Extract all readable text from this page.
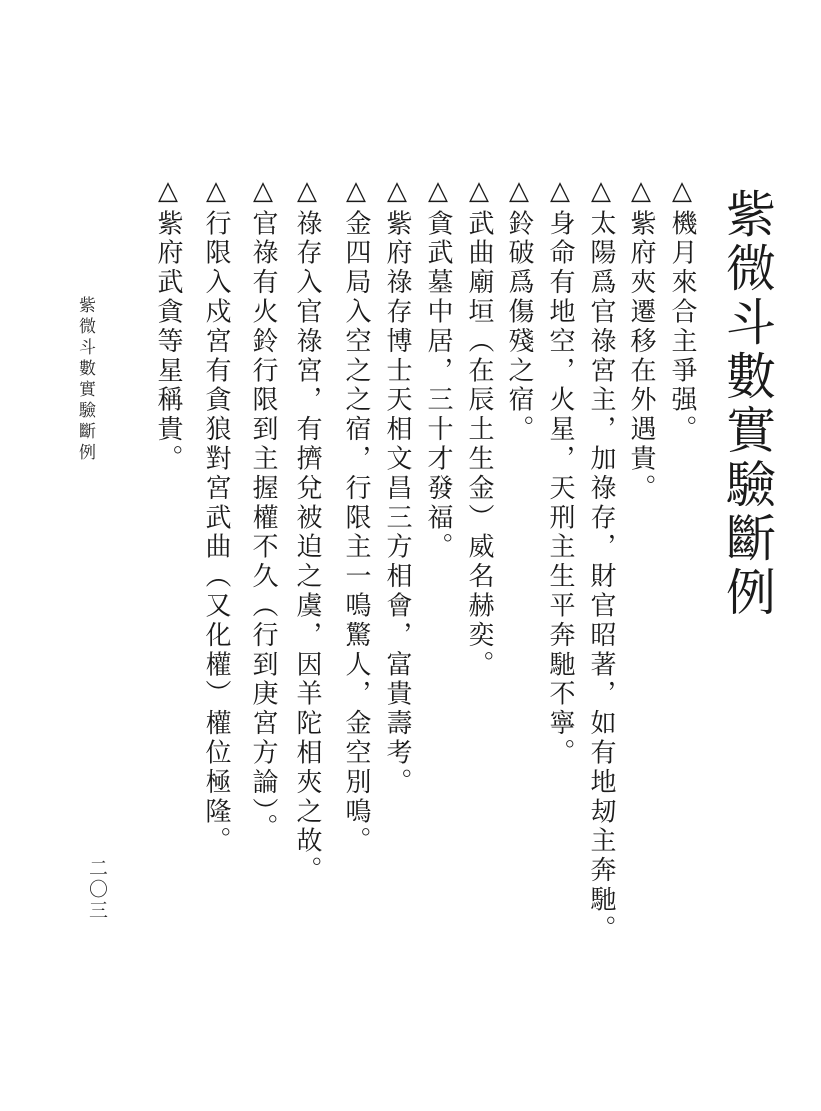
紫微斗數實驗斷例
△機月來合主爭强。
△紫府夾遷移在外遇貴。
△太陽爲官祿宮主，加祿存，財官昭著，如有地刼主奔馳。
△身命有地空，火星，天刑主生平奔馳不寧。
△鈴破爲傷殘之宿。
△武曲廟垣（在辰土生金）威名赫奕。
△貪武墓中居，三十才發福。
△紫府祿存博士天相文昌三方相會，富貴壽考。
△金四局入空之之宿，行限主一鳴驚人，金空別鳴。
△祿存入官祿宮，有擠兌被迫之虞，因羊陀相夾之故。
△官祿有火鈴行限到主握權不久（行到庚宮方論）。
△行限入戍宮有貪狼對宮武曲（又化權）權位極隆。
△紫府武貪等星稱貴。
紫微斗數實驗斷例
二〇三
